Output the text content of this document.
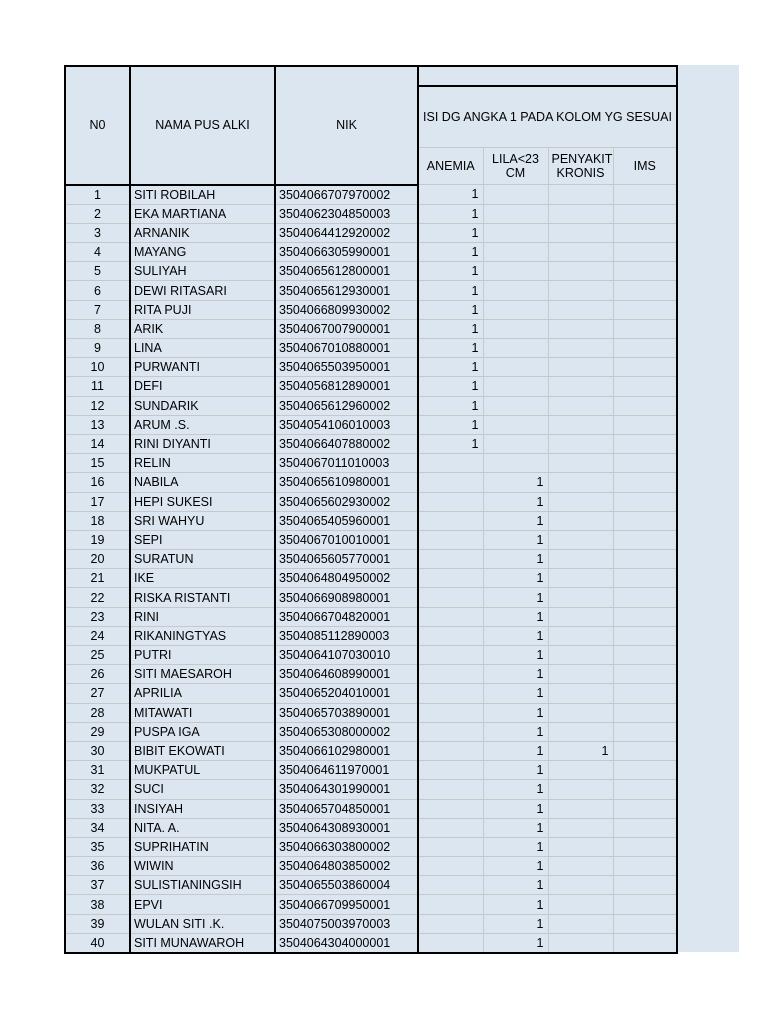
N0	NAMA PUS ALKI	NIK				
			ISI DG ANGKA 1 PADA KOLOM YG SESUAI			
			ANEMIA	LILA<23 CM	PENYAKIT KRONIS	IMS
1	SITI ROBILAH	3504066707970002	1			
2	EKA MARTIANA	3504062304850003	1			
3	ARNANIK	3504064412920002	1			
4	MAYANG	3504066305990001	1			
5	SULIYAH	3504065612800001	1			
6	DEWI RITASARI	3504065612930001	1			
7	RITA PUJI	3504066809930002	1			
8	ARIK	3504067007900001	1			
9	LINA	3504067010880001	1			
10	PURWANTI	3504065503950001	1			
11	DEFI	3504056812890001	1			
12	SUNDARIK	3504065612960002	1			
13	ARUM .S.	3504054106010003	1			
14	RINI DIYANTI	3504066407880002	1			
15	RELIN	3504067011010003				
16	NABILA	3504065610980001		1		
17	HEPI SUKESI	3504065602930002		1		
18	SRI WAHYU	3504065405960001		1		
19	SEPI	3504067010010001		1		
20	SURATUN	3504065605770001		1		
21	IKE	3504064804950002		1		
22	RISKA RISTANTI	3504066908980001		1		
23	RINI	3504066704820001		1		
24	RIKANINGTYAS	3504085112890003		1		
25	PUTRI	3504064107030010		1		
26	SITI MAESAROH	3504064608990001		1		
27	APRILIA	3504065204010001		1		
28	MITAWATI	3504065703890001		1		
29	PUSPA IGA	3504065308000002		1		
30	BIBIT EKOWATI	3504066102980001		1	1	
31	MUKPATUL	3504064611970001		1		
32	SUCI	3504064301990001		1		
33	INSIYAH	3504065704850001		1		
34	NITA. A.	3504064308930001		1		
35	SUPRIHATIN	3504066303800002		1		
36	WIWIN	3504064803850002		1		
37	SULISTIANINGSIH	3504065503860004		1		
38	EPVI	3504066709950001		1		
39	WULAN SITI .K.	3504075003970003		1		
40	SITI MUNAWAROH	3504064304000001		1		
